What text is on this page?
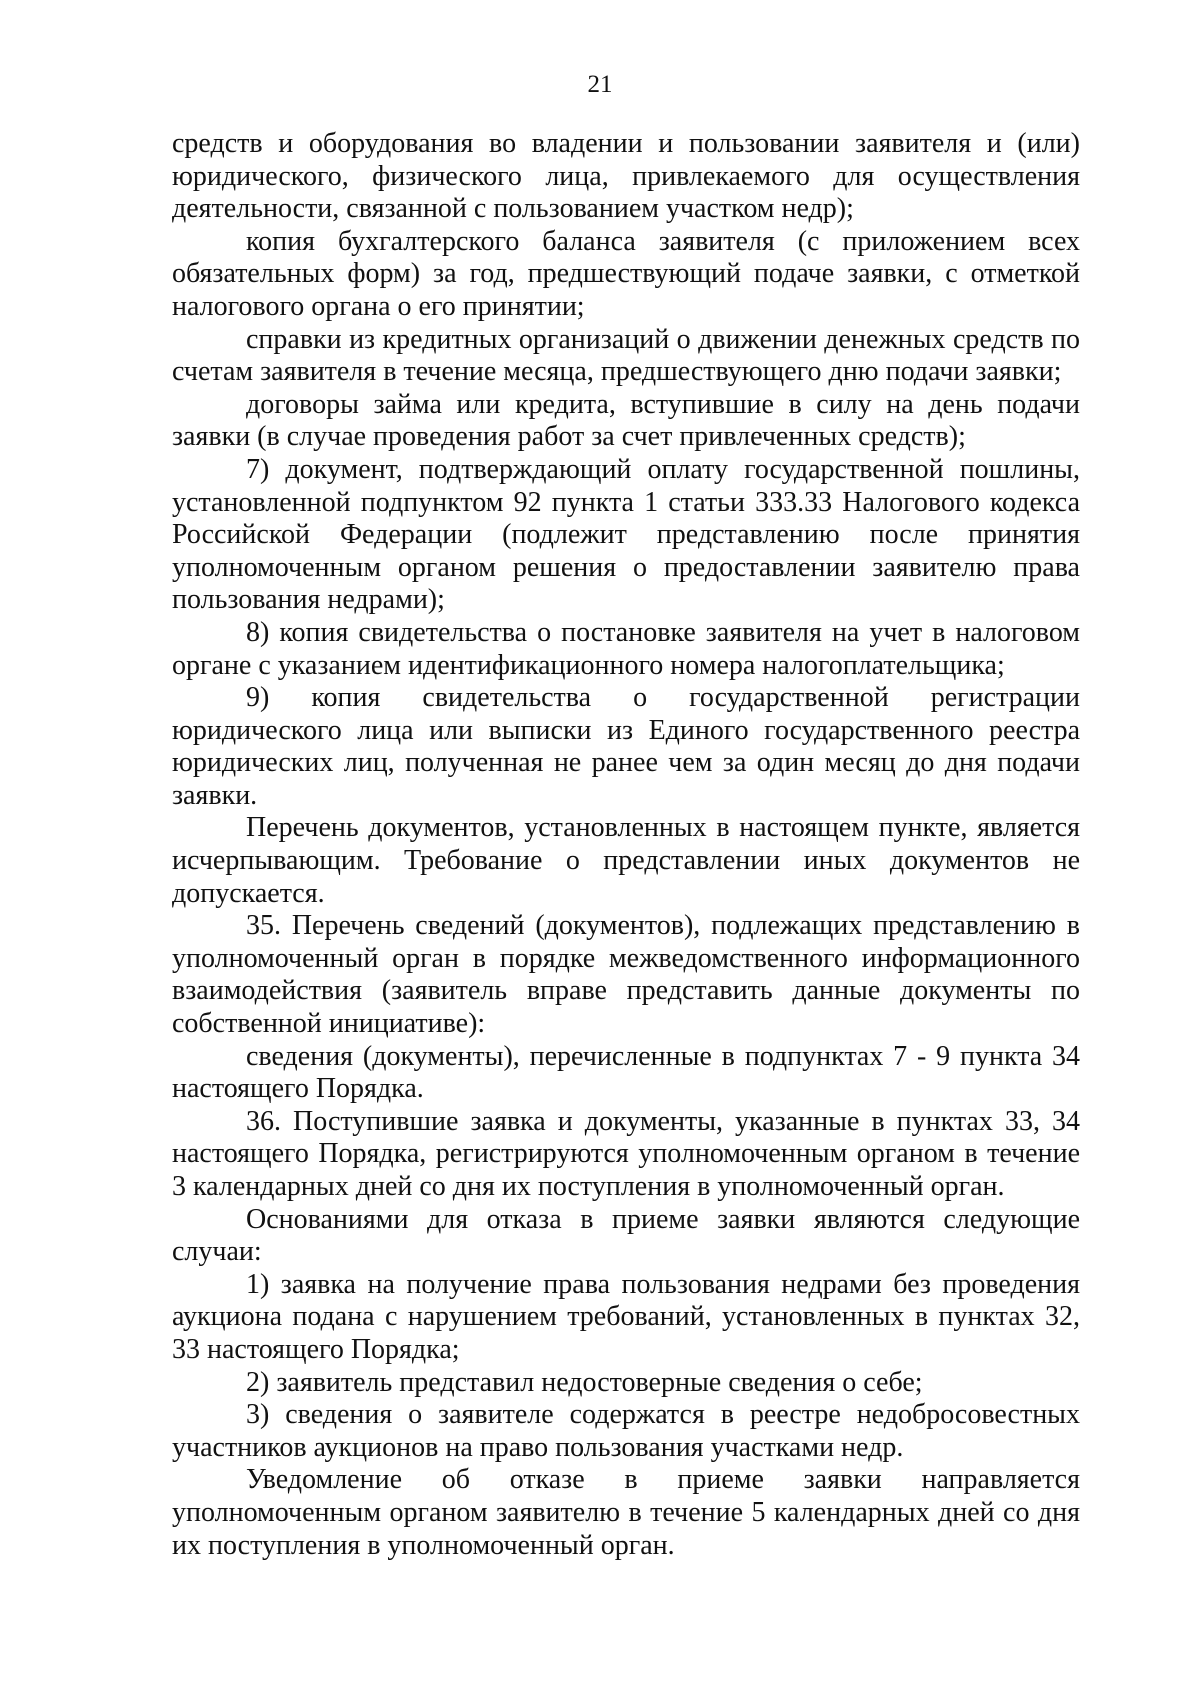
21

средств и оборудования во владении и пользовании заявителя и (или) юридического, физического лица, привлекаемого для осуществления деятельности, связанной с пользованием участком недр);

копия бухгалтерского баланса заявителя (с приложением всех обязательных форм) за год, предшествующий подаче заявки, с отметкой налогового органа о его принятии;

справки из кредитных организаций о движении денежных средств по счетам заявителя в течение месяца, предшествующего дню подачи заявки;

договоры займа или кредита, вступившие в силу на день подачи заявки (в случае проведения работ за счет привлеченных средств);

7) документ, подтверждающий оплату государственной пошлины, установленной подпунктом 92 пункта 1 статьи 333.33 Налогового кодекса Российской Федерации (подлежит представлению после принятия уполномоченным органом решения о предоставлении заявителю права пользования недрами);

8) копия свидетельства о постановке заявителя на учет в налоговом органе с указанием идентификационного номера налогоплательщика;

9) копия свидетельства о государственной регистрации юридического лица или выписки из Единого государственного реестра юридических лиц, полученная не ранее чем за один месяц до дня подачи заявки.

Перечень документов, установленных в настоящем пункте, является исчерпывающим. Требование о представлении иных документов не допускается.

35. Перечень сведений (документов), подлежащих представлению в уполномоченный орган в порядке межведомственного информационного взаимодействия (заявитель вправе представить данные документы по собственной инициативе):

сведения (документы), перечисленные в подпунктах 7 - 9 пункта 34 настоящего Порядка.

36. Поступившие заявка и документы, указанные в пунктах 33, 34 настоящего Порядка, регистрируются уполномоченным органом в течение 3 календарных дней со дня их поступления в уполномоченный орган.

Основаниями для отказа в приеме заявки являются следующие случаи:

1) заявка на получение права пользования недрами без проведения аукциона подана с нарушением требований, установленных в пунктах 32, 33 настоящего Порядка;

2) заявитель представил недостоверные сведения о себе;

3) сведения о заявителе содержатся в реестре недобросовестных участников аукционов на право пользования участками недр.

Уведомление об отказе в приеме заявки направляется уполномоченным органом заявителю в течение 5 календарных дней со дня их поступления в уполномоченный орган.
